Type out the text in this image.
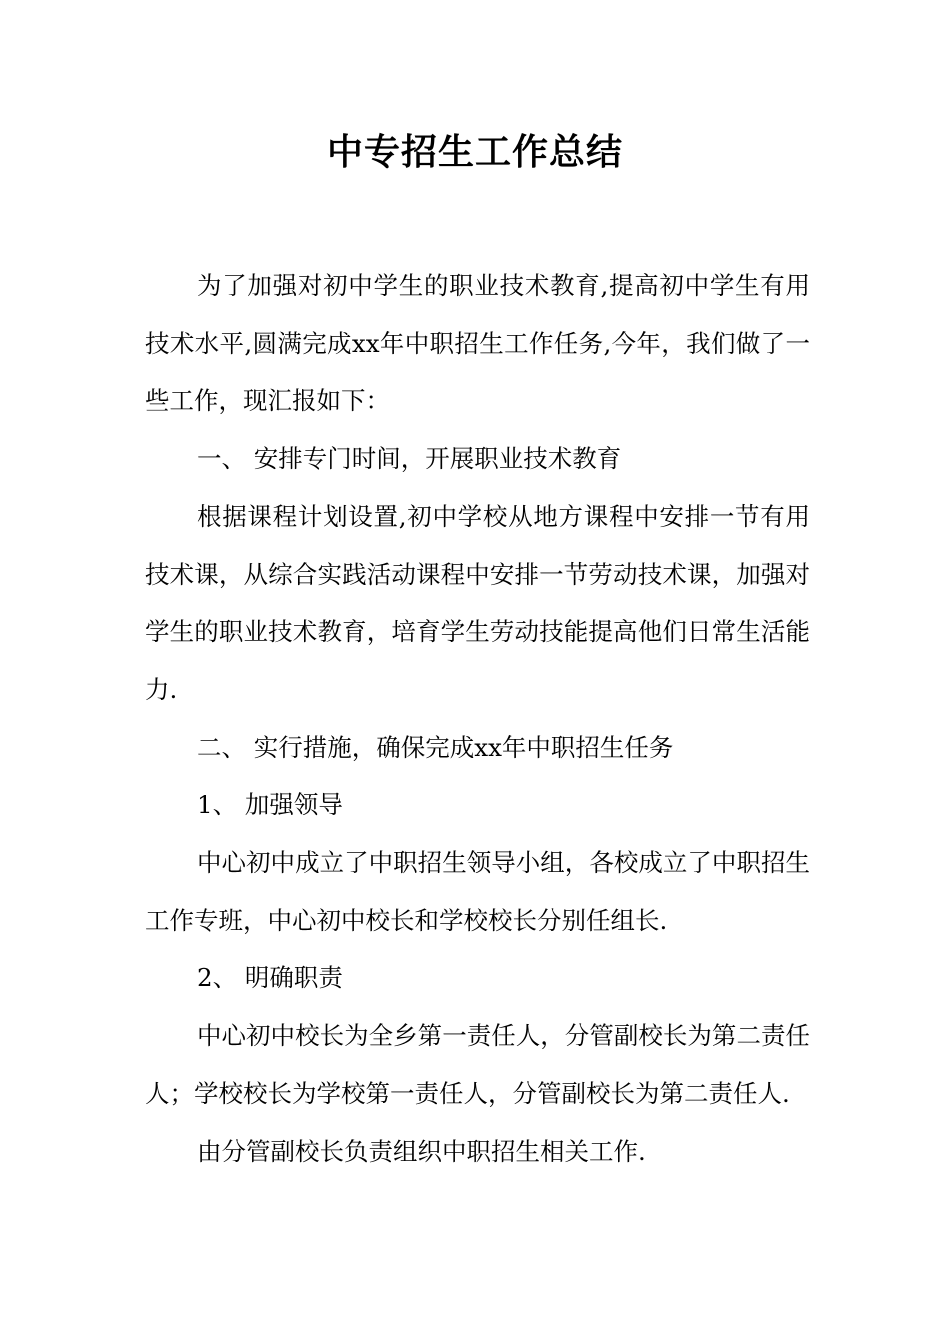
中专招生工作总结

为了加强对初中学生的职业技术教育,提高初中学生有用技术水平,圆满完成xx年中职招生工作任务,今年，我们做了一些工作，现汇报如下：

一、 安排专门时间，开展职业技术教育

根据课程计划设置,初中学校从地方课程中安排一节有用技术课，从综合实践活动课程中安排一节劳动技术课，加强对学生的职业技术教育，培育学生劳动技能提高他们日常生活能力.

二、 实行措施，确保完成xx年中职招生任务

1、 加强领导

中心初中成立了中职招生领导小组，各校成立了中职招生工作专班，中心初中校长和学校校长分别任组长.

2、 明确职责

中心初中校长为全乡第一责任人，分管副校长为第二责任人；学校校长为学校第一责任人，分管副校长为第二责任人.

由分管副校长负责组织中职招生相关工作.
